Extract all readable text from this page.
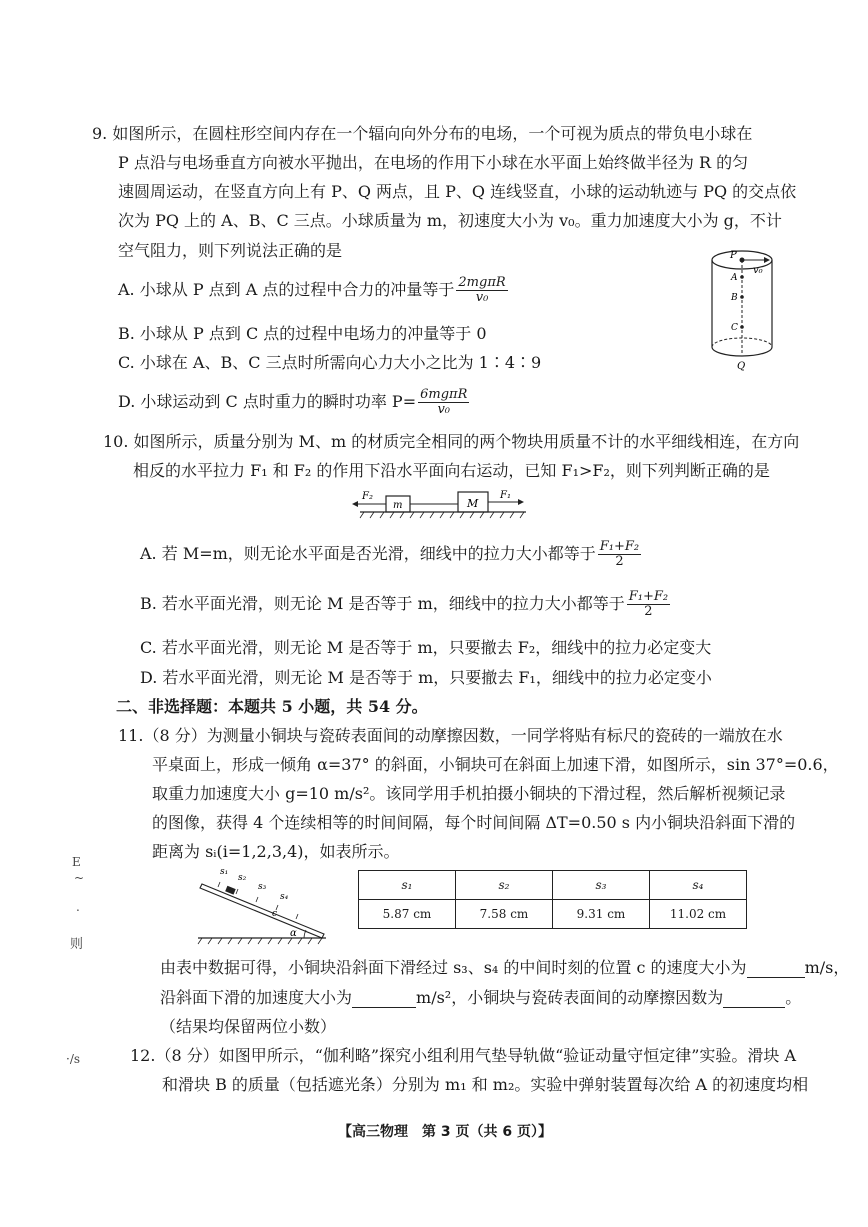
9. 如图所示，在圆柱形空间内存在一个辐向向外分布的电场，一个可视为质点的带负电小球在
P 点沿与电场垂直方向被水平抛出，在电场的作用下小球在水平面上始终做半径为 R 的匀
速圆周运动，在竖直方向上有 P、Q 两点，且 P、Q 连线竖直，小球的运动轨迹与 PQ 的交点依
次为 PQ 上的 A、B、C 三点。小球质量为 m，初速度大小为 v₀。重力加速度大小为 g，不计
空气阻力，则下列说法正确的是
A. 小球从 P 点到 A 点的过程中合力的冲量等于 $\frac{\text{2mgπR}}{\text{v₀}}$
B. 小球从 P 点到 C 点的过程中电场力的冲量等于 0
C. 小球在 A、B、C 三点时所需向心力大小之比为 1∶4∶9
D. 小球运动到 C 点时重力的瞬时功率 $P= \frac{\text{6mgπR}}{\text{v₀}}$
P
v₀
A
B
C
Q
10. 如图所示，质量分别为 M、m 的材质完全相同的两个物块用质量不计的水平细线相连，在方向
相反的水平拉力 F₁ 和 F₂ 的作用下沿水平面向右运动，已知 F₁>F₂，则下列判断正确的是
F₂
m	M
F₁
A. 若 M=m，则无论水平面是否光滑，细线中的拉力大小都等于 $\frac{\text{F₁+F₂}}{2}$
B. 若水平面光滑，则无论 M 是否等于 m，细线中的拉力大小都等于 $\frac{\text{F₁+F₂}}{2}$
C. 若水平面光滑，则无论 M 是否等于 m，只要撤去 F₂，细线中的拉力必定变大
D. 若水平面光滑，则无论 M 是否等于 m，只要撤去 F₁，细线中的拉力必定变小
二、非选择题：本题共 5 小题，共 54 分。
11.（8 分）为测量小铜块与瓷砖表面间的动摩擦因数，一同学将贴有标尺的瓷砖的一端放在水
平桌面上，形成一倾角 α=37° 的斜面，小铜块可在斜面上加速下滑，如图所示，sin 37°=0.6，
取重力加速度大小 g=10 m/s²。该同学用手机拍摄小铜块的下滑过程，然后解析视频记录
的图像，获得 4 个连续相等的时间间隔，每个时间间隔 ΔT=0.50 s 内小铜块沿斜面下滑的
距离为 sᵢ(i=1,2,3,4)，如表所示。
s₁
s₂
s₃
s₄
c
α
s₁	s₂	s₃	s₄
5.87 cm	7.58 cm	9.31 cm	11.02 cm
由表中数据可得，小铜块沿斜面下滑经过 s₃、s₄ 的中间时刻的位置 c 的速度大小为	m/s，
沿斜面下滑的加速度大小为	m/s²，小铜块与瓷砖表面间的动摩擦因数为	。
（结果均保留两位小数）
12.（8 分）如图甲所示，“伽利略”探究小组利用气垫导轨做“验证动量守恒定律”实验。滑块 A
和滑块 B 的质量（包括遮光条）分别为 m₁ 和 m₂。实验中弹射装置每次给 A 的初速度均相
E
~
.
则
·/s
【高三物理　第 3 页（共 6 页）】
